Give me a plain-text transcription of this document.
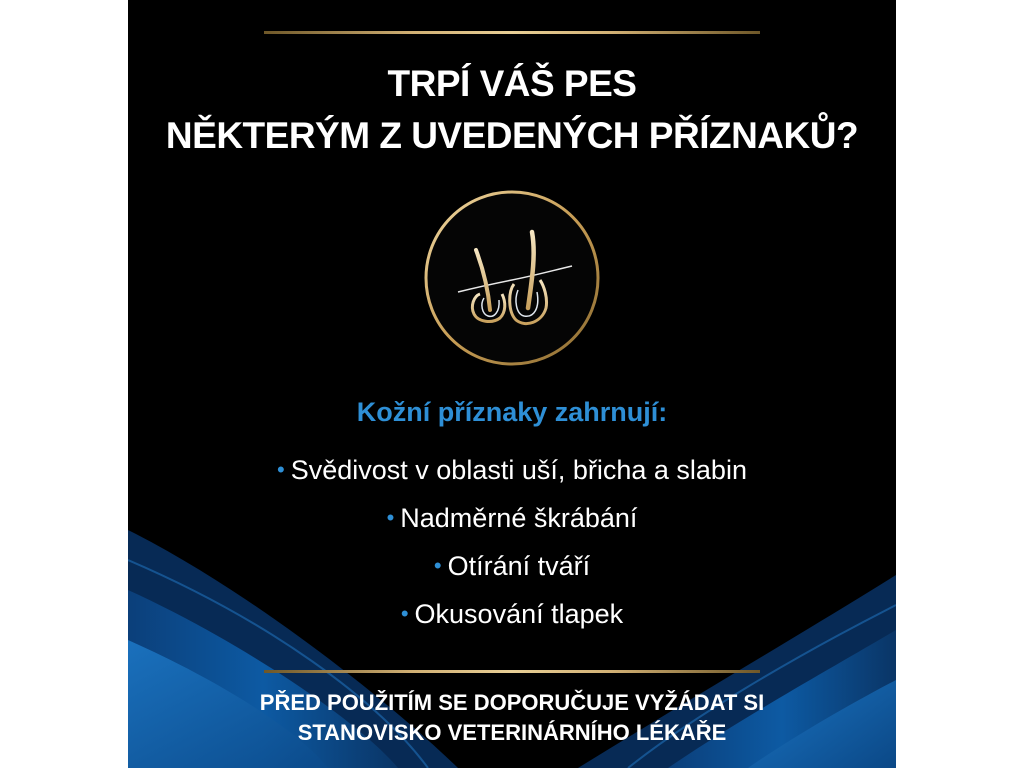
TRPÍ VÁŠ PES
NĚKTERÝM Z UVEDENÝCH PŘÍZNAKŮ?
Kožní příznaky zahrnují:
• Svědivost v oblasti uší, břicha a slabin
• Nadměrné škrábání
• Otírání tváří
• Okusování tlapek
PŘED POUŽITÍM SE DOPORUČUJE VYŽÁDAT SI
STANOVISKO VETERINÁRNÍHO LÉKAŘE
